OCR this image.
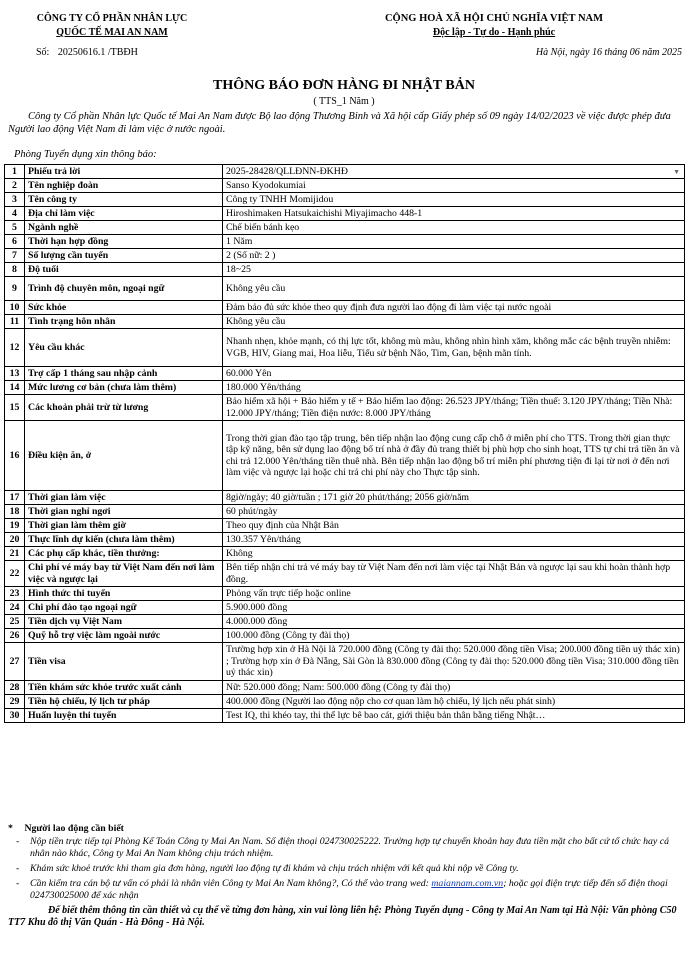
CÔNG TY CỔ PHẦN NHÂN LỰC
QUỐC TẾ MAI AN NAM
CỘNG HOÀ XÃ HỘI CHỦ NGHĨA VIỆT NAM
Độc lập - Tự do - Hạnh phúc
Số: 20250616.1 /TBĐH	Hà Nội, ngày 16 tháng 06 năm 2025
THÔNG BÁO ĐƠN HÀNG ĐI NHẬT BẢN
( TTS_1 Năm )
Công ty Cổ phần Nhân lực Quốc tế Mai An Nam được Bộ lao động Thương Binh và Xã hội cấp Giấy phép số 09 ngày 14/02/2023 về việc được phép đưa Người lao động Việt Nam đi làm việc ở nước ngoài.
Phòng Tuyển dụng xin thông báo:
1	Phiếu trả lời	2025-28428/QLLĐNN-ĐKHĐ ▼

2	Tên nghiệp đoàn	Sanso Kyodokumiai
3	Tên công ty	Công ty TNHH Momijidou
4	Địa chỉ làm việc	Hiroshimaken Hatsukaichishi Miyajimacho 448-1
5	Ngành nghề	Chế biến bánh kẹo
6	Thời hạn hợp đồng	1 Năm
7	Số lượng cần tuyển	2 (Số nữ: 2 )
8	Độ tuổi	18~25
9	Trình độ chuyên môn, ngoại ngữ	Không yêu cầu
10	Sức khỏe	Đảm bảo đủ sức khỏe theo quy định đưa người lao động đi làm việc tại nước ngoài
11	Tình trạng hôn nhân	Không yêu cầu
12	Yêu cầu khác	Nhanh nhẹn, khỏe mạnh, có thị lực tốt, không mù màu, không nhìn hình xăm, không mắc các bệnh truyền nhiễm: VGB, HIV, Giang mai, Hoa liễu, Tiểu sử bệnh Não, Tim, Gan, bệnh mãn tính.
13	Trợ cấp 1 tháng sau nhập cảnh	60.000 Yên
14	Mức lương cơ bản (chưa làm thêm)	180.000 Yên/tháng
15	Các khoản phải trừ từ lương	Bảo hiểm xã hội + Bảo hiểm y tế + Bảo hiểm lao động: 26.523 JPY/tháng; Tiền thuế: 3.120 JPY/tháng; Tiền Nhà: 12.000 JPY/tháng; Tiền điện nước: 8.000 JPY/tháng
16	Điều kiện ăn, ở	Trong thời gian đào tạo tập trung, bên tiếp nhận lao động cung cấp chỗ ở miễn phí cho TTS. Trong thời gian thực tập kỹ năng, bên sử dụng lao động bố trí nhà ở đầy đủ trang thiết bị phù hợp cho sinh hoạt, TTS tự chi trả tiền ăn và chi trả 12.000 Yên/tháng tiền thuê nhà. Bên tiếp nhận lao động bố trí miễn phí phương tiện đi lại từ nơi ở đến nơi làm việc và ngược lại hoặc chi trả chi phí này cho Thực tập sinh.
17	Thời gian làm việc	8giờ/ngày; 40 giờ/tuần ; 171 giờ 20 phút/tháng; 2056 giờ/năm
18	Thời gian nghỉ ngơi	60 phút/ngày
19	Thời gian làm thêm giờ	Theo quy định của Nhật Bản
20	Thực lĩnh dự kiến (chưa làm thêm)	130.357 Yên/tháng
21	Các phụ cấp khác, tiền thưởng:	Không
22	Chi phí vé máy bay từ Việt Nam đến nơi làm việc và ngược lại	Bên tiếp nhận chi trả vé máy bay từ Việt Nam đến nơi làm việc tại Nhật Bản và ngược lại sau khi hoàn thành hợp đồng.
23	Hình thức thi tuyển	Phỏng vấn trực tiếp hoặc online
24	Chi phí đào tạo ngoại ngữ	5.900.000 đồng
25	Tiền dịch vụ Việt Nam	4.000.000 đồng
26	Quỹ hỗ trợ việc làm ngoài nước	100.000 đồng (Công ty đài thọ)
27	Tiền visa	Trường hợp xin ở Hà Nội là 720.000 đồng (Công ty đài thọ: 520.000 đồng tiền Visa; 200.000 đồng tiền uỷ thác xin) ; Trường hợp xin ở Đà Nẵng, Sài Gòn là 830.000 đồng (Công ty đài thọ: 520.000 đồng tiền Visa; 310.000 đồng tiền uỷ thác xin)
28	Tiền khám sức khỏe trước xuất cảnh	Nữ: 520.000 đồng; Nam: 500.000 đồng (Công ty đài thọ)
29	Tiền hộ chiếu, lý lịch tư pháp	400.000 đồng (Người lao động nộp cho cơ quan làm hộ chiếu, lý lịch nếu phát sinh)
30	Huấn luyện thi tuyển	Test IQ, thi khéo tay, thi thể lực bê bao cát, giới thiệu bản thân bằng tiếng Nhật…
* Người lao động cần biết
- Nộp tiền trực tiếp tại Phòng Kế Toán Công ty Mai An Nam. Số điện thoại 024730025222. Trường hợp tự chuyển khoản hay đưa tiền mặt cho bất cứ tổ chức hay cá nhân nào khác, Công ty Mai An Nam không chịu trách nhiệm.
- Khám sức khoẻ trước khi tham gia đơn hàng, người lao động tự đi khám và chịu trách nhiệm với kết quả khi nộp về Công ty.
- Cần kiểm tra cán bộ tư vấn có phải là nhân viên Công ty Mai An Nam không?, Có thể vào trang wed: maiannam.com.vn; hoặc gọi điện trực tiếp đến số điện thoại 024730025000 để xác nhận
Để biết thêm thông tin cần thiết và cụ thể về từng đơn hàng, xin vui lòng liên hệ: Phòng Tuyển dụng - Công ty Mai An Nam tại Hà Nội: Văn phòng C50 TT7 Khu đô thị Văn Quán - Hà Đông - Hà Nội.
